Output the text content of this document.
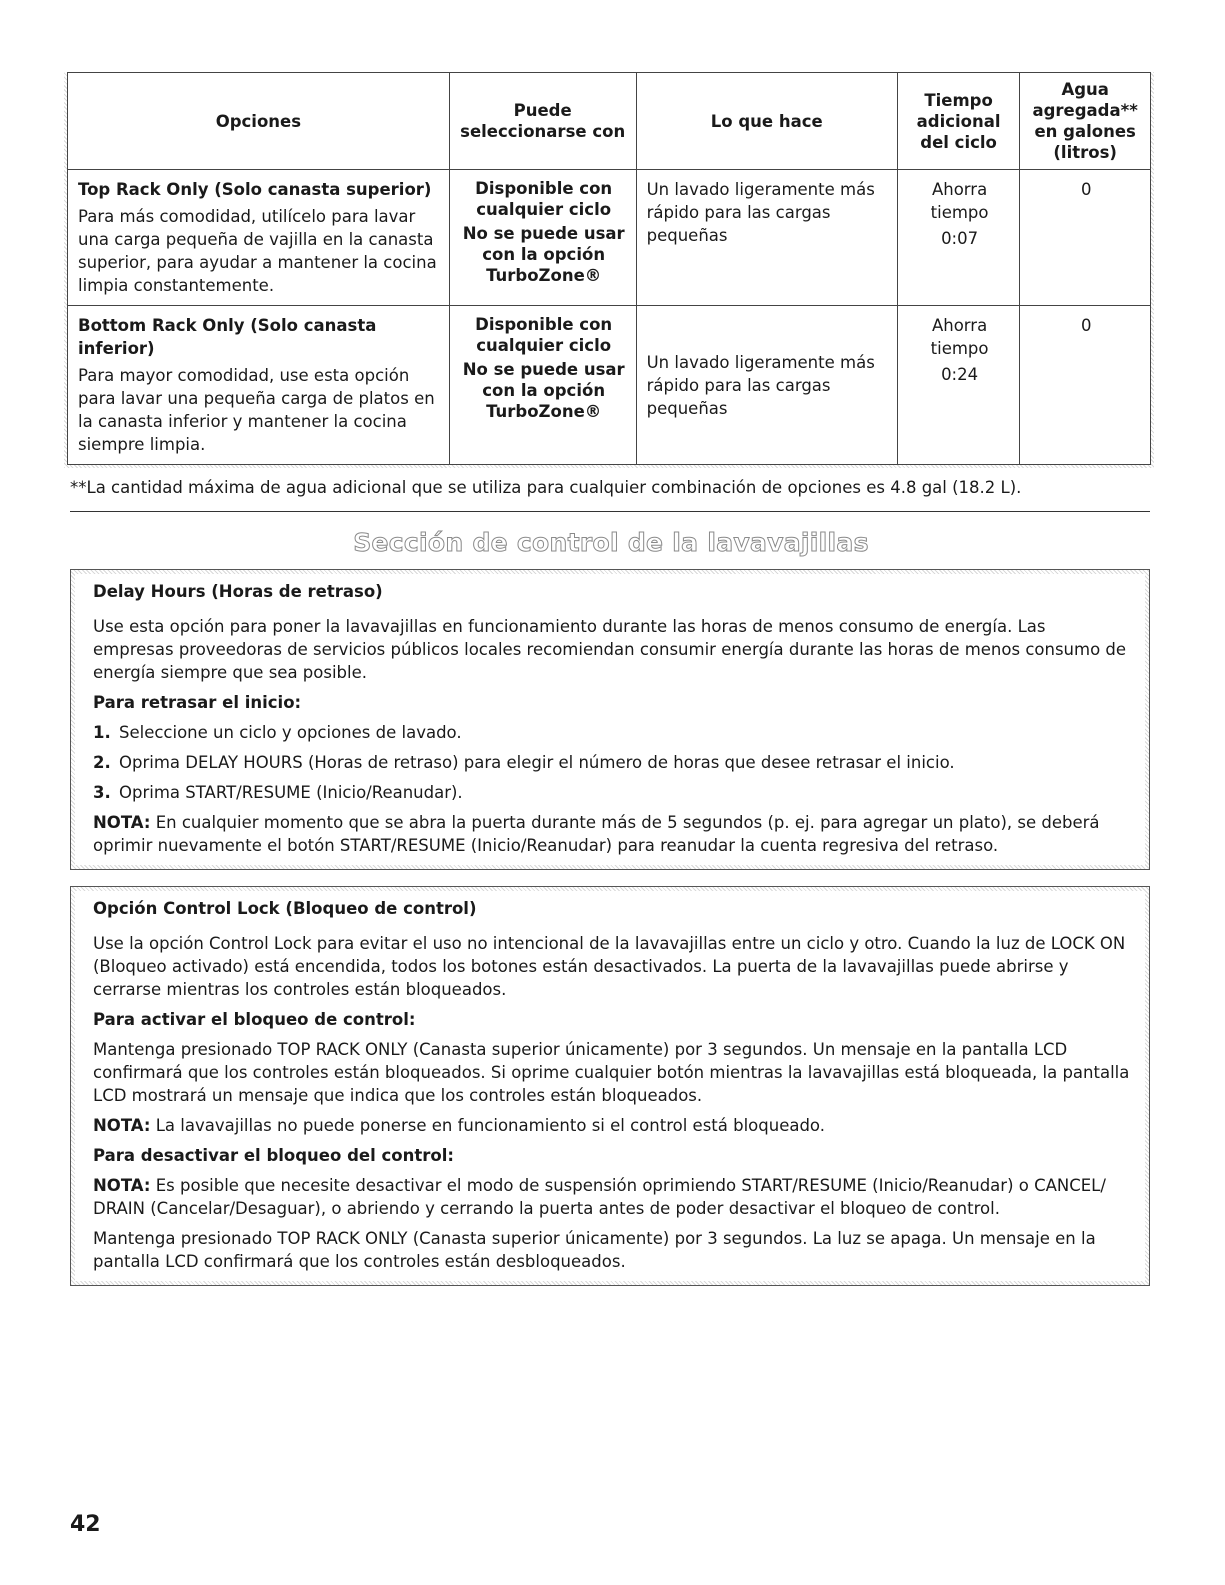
Opciones	Puede seleccionarse con	Lo que hace	Tiempo
adicional
del ciclo	Agua
agregada**
en galones
(litros)

Top Rack Only (Solo canasta superior)
Para más comodidad, utilícelo para lavar una carga pequeña de vajilla en la canasta superior, para ayudar a mantener la cocina limpia constantemente.	Disponible con
cualquier ciclo
No se puede usar
con la opción
TurboZone®	Un lavado ligeramente más rápido para las cargas pequeñas	Ahorra
tiempo
0:07	0

Bottom Rack Only (Solo canasta inferior)
Para mayor comodidad, use esta opción para lavar una pequeña carga de platos en la canasta inferior y mantener la cocina siempre limpia.	Disponible con
cualquier ciclo
No se puede usar
con la opción
TurboZone®	Un lavado ligeramente más rápido para las cargas pequeñas	Ahorra
tiempo
0:24	0
**La cantidad máxima de agua adicional que se utiliza para cualquier combinación de opciones es 4.8 gal (18.2 L).
Sección de control de la lavavajillas
Delay Hours (Horas de retraso)

Use esta opción para poner la lavavajillas en funcionamiento durante las horas de menos consumo de energía. Las empresas proveedoras de servicios públicos locales recomiendan consumir energía durante las horas de menos consumo de energía siempre que sea posible.

Para retrasar el inicio:
1. Seleccione un ciclo y opciones de lavado.
2. Oprima DELAY HOURS (Horas de retraso) para elegir el número de horas que desee retrasar el inicio.
3. Oprima START/RESUME (Inicio/Reanudar).

NOTA: En cualquier momento que se abra la puerta durante más de 5 segundos (p. ej. para agregar un plato), se deberá oprimir nuevamente el botón START/RESUME (Inicio/Reanudar) para reanudar la cuenta regresiva del retraso.

Opción Control Lock (Bloqueo de control)

Use la opción Control Lock para evitar el uso no intencional de la lavavajillas entre un ciclo y otro. Cuando la luz de LOCK ON (Bloqueo activado) está encendida, todos los botones están desactivados. La puerta de la lavavajillas puede abrirse y cerrarse mientras los controles están bloqueados.

Para activar el bloqueo de control:

Mantenga presionado TOP RACK ONLY (Canasta superior únicamente) por 3 segundos. Un mensaje en la pantalla LCD confirmará que los controles están bloqueados. Si oprime cualquier botón mientras la lavavajillas está bloqueada, la pantalla LCD mostrará un mensaje que indica que los controles están bloqueados.

NOTA: La lavavajillas no puede ponerse en funcionamiento si el control está bloqueado.

Para desactivar el bloqueo del control:

NOTA: Es posible que necesite desactivar el modo de suspensión oprimiendo START/RESUME (Inicio/Reanudar) o CANCEL/ DRAIN (Cancelar/Desaguar), o abriendo y cerrando la puerta antes de poder desactivar el bloqueo de control.

Mantenga presionado TOP RACK ONLY (Canasta superior únicamente) por 3 segundos. La luz se apaga. Un mensaje en la pantalla LCD confirmará que los controles están desbloqueados.

42
